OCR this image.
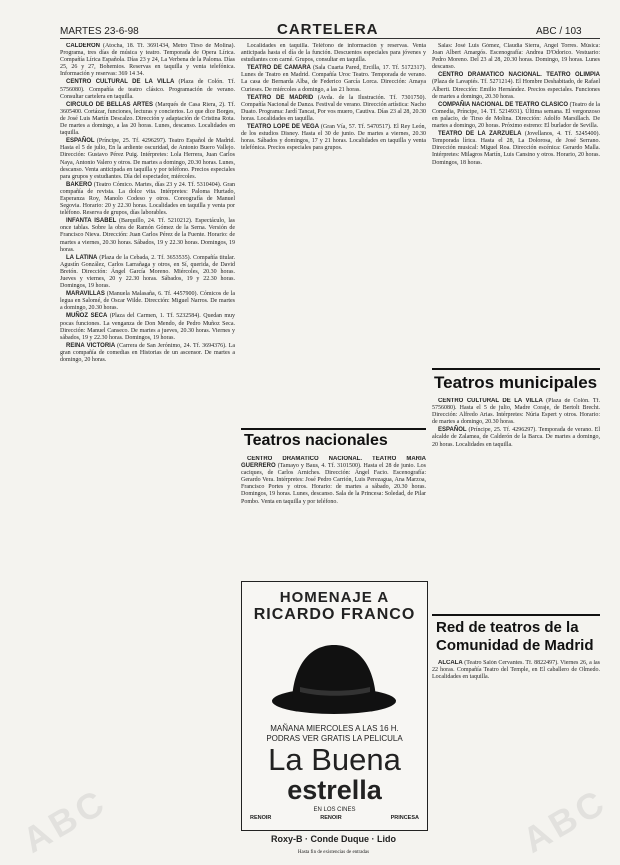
MARTES 23-6-98	CARTELERA	ABC / 103

CALDERON (Atocha, 18. Tf. 3691434, Metro Tirso de Molina). Programa, tres días de música y teatro. Temporada de Opera Lírica. Compañía Lírica Española. Días 23 y 24, La Verbena de la Paloma. Días 25, 26 y 27, Bohemios. Reservas en taquilla y venta telefónica. Información y reservas: 369 14 34.

CENTRO CULTURAL DE LA VILLA (Plaza de Colón. Tf. 5756080). Compañía de teatro clásico. Programación de verano. Consultar cartelera en taquilla.

CIRCULO DE BELLAS ARTES (Marqués de Casa Riera, 2). Tf. 3605400. Cortázar, funciones, lecturas y conciertos. Lo que dice Borges, de José Luis Martín Descalzo. Dirección y adaptación de Cristina Rota. De martes a domingo, a las 20 horas. Lunes, descanso. Localidades en taquilla.

ESPAÑOL (Príncipe, 25. Tf. 4296297). Teatro Español de Madrid. Hasta el 5 de julio, En la ardiente oscuridad, de Antonio Buero Vallejo. Dirección: Gustavo Pérez Puig. Intérpretes: Lola Herrera, Juan Carlos Naya, Antonio Valero y otros. De martes a domingo, 20.30 horas. Lunes, descanso. Venta anticipada en taquilla y por teléfono. Precios especiales para grupos y estudiantes. Día del espectador, miércoles.

BAKERO (Teatro Cómico. Martes, días 23 y 24. Tf. 5310404). Gran compañía de revista. La dolce vita. Intérpretes: Paloma Hurtado, Esperanza Roy, Manolo Codeso y otros. Coreografía de Manuel Segovia. Horario: 20 y 22.30 horas. Localidades en taquilla y venta por teléfono. Reserva de grupos, días laborables.

INFANTA ISABEL (Barquillo, 24. Tf. 5210212). Espectáculo, las once tablas. Sobre la obra de Ramón Gómez de la Serna. Versión de Francisco Nieva. Dirección: Juan Carlos Pérez de la Fuente. Horario: de martes a viernes, 20.30 horas. Sábados, 19 y 22.30 horas. Domingos, 19 horas.

LA LATINA (Plaza de la Cebada, 2. Tf. 3653535). Compañía titular. Agustín González, Carlos Larrañaga y otros, en Sí, querida, de David Bretón. Dirección: Ángel García Moreno. Miércoles, 20.30 horas. Jueves y viernes, 20 y 22.30 horas. Sábados, 19 y 22.30 horas. Domingos, 19 horas.

MARAVILLAS (Manuela Malasaña, 6. Tf. 4457900). Cómicos de la legua en Salomé, de Oscar Wilde. Dirección: Miguel Narros. De martes a domingo, 20.30 horas.

MUÑOZ SECA (Plaza del Carmen, 1. Tf. 5232584). Quedan muy pocas funciones. La venganza de Don Mendo, de Pedro Muñoz Seca. Dirección: Manuel Canseco. De martes a jueves, 20.30 horas. Viernes y sábados, 19 y 22.30 horas. Domingos, 19 horas.

REINA VICTORIA (Carrera de San Jerónimo, 24. Tf. 3694376). La gran compañía de comedias en Historias de un ascensor. De martes a domingo, 20 horas.

Localidades en taquilla. Teléfono de información y reservas. Venta anticipada hasta el día de la función. Descuentos especiales para jóvenes y estudiantes con carné. Grupos, consultar en taquilla.

TEATRO DE CAMARA (Sala Cuarta Pared, Ercilla, 17. Tf. 5172317). Lunes de Teatro en Madrid. Compañía Uroc Teatro. Temporada de verano. La casa de Bernarda Alba, de Federico García Lorca. Dirección: Amaya Curieses. De miércoles a domingo, a las 21 horas.

TEATRO DE MADRID (Avda. de la Ilustración. Tf. 7301750). Compañía Nacional de Danza. Festival de verano. Dirección artística: Nacho Duato. Programa: Jardí Tancat, Por vos muero, Cautiva. Días 23 al 28, 20.30 horas. Localidades en taquilla.

TEATRO LOPE DE VEGA (Gran Vía, 57. Tf. 5470517). El Rey León, de los estudios Disney. Hasta el 30 de junio. De martes a viernes, 20.30 horas. Sábados y domingos, 17 y 21 horas. Localidades en taquilla y venta telefónica. Precios especiales para grupos.

Teatros nacionales

CENTRO DRAMATICO NACIONAL. TEATRO MARIA GUERRERO (Tamayo y Baus, 4. Tf. 3101500). Hasta el 28 de junio. Los caciques, de Carlos Arniches. Dirección: Ángel Facio. Escenografía: Gerardo Vera. Intérpretes: José Pedro Carrión, Luis Perezagua, Ana Marzoa, Francisco Portes y otros. Horario: de martes a sábado, 20.30 horas. Domingos, 19 horas. Lunes, descanso. Sala de la Princesa: Soledad, de Pilar Pombo. Venta en taquilla y por teléfono.

HOMENAJE A
RICARDO FRANCO
MAÑANA MIERCOLES A LAS 16 H.
PODRAS VER GRATIS LA PELICULA
La Buena
estrella
EN LOS CINES
RENOIR	RENOIR	PRINCESA
Roxy-B · Conde Duque · Lido
Hasta fin de existencias de entradas

Salas: José Luis Gómez, Claudia Sierra, Ángel Torres. Música: Joan Albert Amargós. Escenografía: Andrea D'Odorico. Vestuario: Pedro Moreno. Del 23 al 28, 20.30 horas. Domingo, 19 horas. Lunes descanso.

CENTRO DRAMATICO NACIONAL. TEATRO OLIMPIA (Plaza de Lavapiés. Tf. 5271214). El Hombre Deshabitado, de Rafael Alberti. Dirección: Emilio Hernández. Precios especiales. Funciones de martes a domingo, 20.30 horas.

COMPAÑIA NACIONAL DE TEATRO CLASICO (Teatro de la Comedia, Príncipe, 14. Tf. 5214931). Última semana. El vergonzoso en palacio, de Tirso de Molina. Dirección: Adolfo Marsillach. De martes a domingo, 20 horas. Próximo estreno: El burlador de Sevilla.

TEATRO DE LA ZARZUELA (Jovellanos, 4. Tf. 5245400). Temporada lírica. Hasta el 28, La Dolorosa, de José Serrano. Dirección musical: Miguel Roa. Dirección escénica: Gerardo Malla. Intérpretes: Milagros Martín, Luis Cansino y otros. Horario, 20 horas. Domingos, 18 horas.

Teatros municipales

CENTRO CULTURAL DE LA VILLA (Plaza de Colón. Tf. 5756080). Hasta el 5 de julio, Madre Coraje, de Bertolt Brecht. Dirección: Alfredo Arias. Intérpretes: Núria Espert y otros. Horario: de martes a domingo, 20.30 horas.

ESPAÑOL (Príncipe, 25. Tf. 4296297). Temporada de verano. El alcalde de Zalamea, de Calderón de la Barca. De martes a domingo, 20 horas. Localidades en taquilla.

Red de teatros de la
Comunidad de Madrid

ALCALA (Teatro Salón Cervantes. Tf. 8822497). Viernes 26, a las 22 horas. Compañía Teatro del Temple, en El caballero de Olmedo. Localidades en taquilla.

ABC	ABC
